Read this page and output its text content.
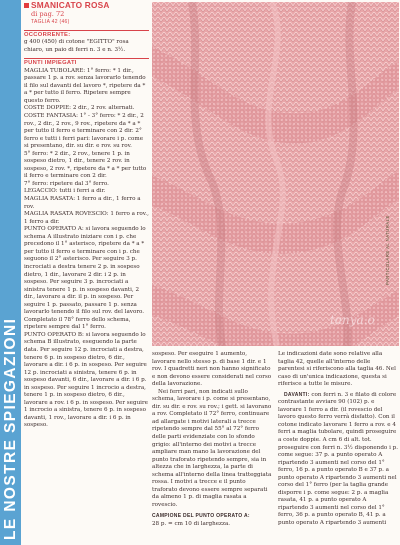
LE NOSTRE SPIEGAZIONI
SMANICATO ROSA
di pag. 72
TAGLIA 42 (46)
OCCORRENTE:

g 400 (450) di cotone "EGITTO" rosa chiaro, un paio di ferri n. 3 e n. 3½.

PUNTI IMPIEGATI

MAGLIA TUBOLARE: 1° ferro: * 1 dir., passare 1 p. a rov. senza lavorarlo tenendo il filo sul davanti del lavoro *, ripetere da * a * per tutto il ferro. Ripetere sempre questo ferro.

COSTE DOPPIE: 2 dir., 2 rov. alternati.

COSTE FANTASIA: 1° - 3° ferro: * 2 dir., 2 rov., 2 dir., 2 rov., 9 rov., ripetere da * a * per tutto il ferro e terminare con 2 dir. 2° ferro e tutti i ferri pari: lavorare i p. come si presentano, dir. su dir. e rov. su rov.

5° ferro: * 2 dir., 2 rov., tenere 1 p. in sospeso dietro, 1 dir., tenere 2 rov. in sospeso, 2 rov. *, ripetere da * a * per tutto il ferro e terminare con 2 dir.

7° ferro: ripetere dal 3° ferro.

LEGACCIO: tutti i ferri a dir.

MAGLIA RASATA: 1 ferro a dir., 1 ferro a rov.

MAGLIA RASATA ROVESCIO: 1 ferro a rov., 1 ferro a dir.

PUNTO OPERATO A: si lavora seguendo lo schema A illustrato iniziare con i p. che precedono il 1° asterisco, ripetere da * a * per tutto il ferro e terminare con i p. che seguono il 2° asterisco. Per seguire 3 p. incrociati a destra tenere 2 p. in sospeso dietro, 1 dir., lavorare 2 dir. i 2 p. in sospeso. Per seguire 3 p. incrociati a sinistra tenere 1 p. in sospeso davanti, 2 dir., lavorare a dir. il p. in sospeso. Per seguire 1 p. passato, passare 1 p. senza lavorarlo tenendo il filo sul rov. del lavoro. Completato il 78° ferro dello schema, ripetere sempre dal 1° ferro.

PUNTO OPERATO B: si lavora seguendo lo schema B illustrato, eseguendo la parte data. Per seguire 12 p. incrociati a destra, tenere 6 p. in sospeso dietro, 6 dir., lavorare a dir. i 6 p. in sospeso. Per seguire 12 p. incrociati a sinistra, tenere 6 p. in sospeso davanti, 6 dir., lavorare a dir. i 6 p. in sospeso. Per seguire 1 incrocio a destra, tenere 1 p. in sospeso dietro, 6 dir., lavorare a rov. i 6 p. in sospeso. Per seguire 1 incrocio a sinistra, tenere 6 p. in sospeso davanti, 1 rov., lavorare a dir. i 6 p. in sospeso.

tanya.o
PARTICOLARE AL NATURALE

sospeso. Per eseguire 1 aumento, lavorare nello stesso p. di base 1 dir. e 1 rov. I quadretti neri non hanno significato e non devono essere considerati nel corso della lavorazione.

Nei ferri pari, non indicati sullo schema, lavorare i p. come si presentano, dir. su dir. e rov. su rov.; i gett. si lavorano a rov. Completato il 72° ferro, continuare ad allargate i motivi laterali a trecce ripetendo sempre dal 55° al 72° ferro delle parti evidenziate con lo sfondo grigio: all'interno dei motivi a trecce ampliare man mano la lavorazione del punto traforato ripetendo sempre, sia in altezza che in larghezza, la parte di schema all'interno della linea tratteggiata rossa. I motivi a trecce e il punto traforato devono essere sempre separati da almeno 1 p. di maglia rasata a rovescio.

CAMPIONE DEL PUNTO OPERATO A:

28 p. = cm 10 di larghezza.

Le indicazioni date sono relative alla taglia 42, quelle all'interno delle parentesi si riferiscono alla taglia 46. Nel caso di un'unica indicazione, questa si riferisce a tutte le misure.

DAVANTI: con ferri n. 3 e filato di colore contrastante avviare 90 (102) p. e lavorare 1 ferro a dir. (il rovescio del lavoro questo ferro verrà disfatto). Con il cotone indicato lavorare 1 ferro a rov. e 4 ferri a maglia tubolare, quindi proseguire a coste doppie. A cm 6 di alt. tot. proseguire con ferri n. 3½ disponendo i p. come segue: 37 p. a punto operato A ripartendo 3 aumenti nel corso del 1° ferro, 16 p. a punto operato B e 37 p. a punto operato A ripartendo 3 aumenti nel corso del 1° ferro (per la taglia grande disporre i p. come segue: 2 p. a maglia rasata, 41 p. a punto operato A ripartendo 3 aumenti nel corso del 1° ferro, 36 p. a punto operato B, 41 p. a punto operato A ripartendo 3 aumenti
